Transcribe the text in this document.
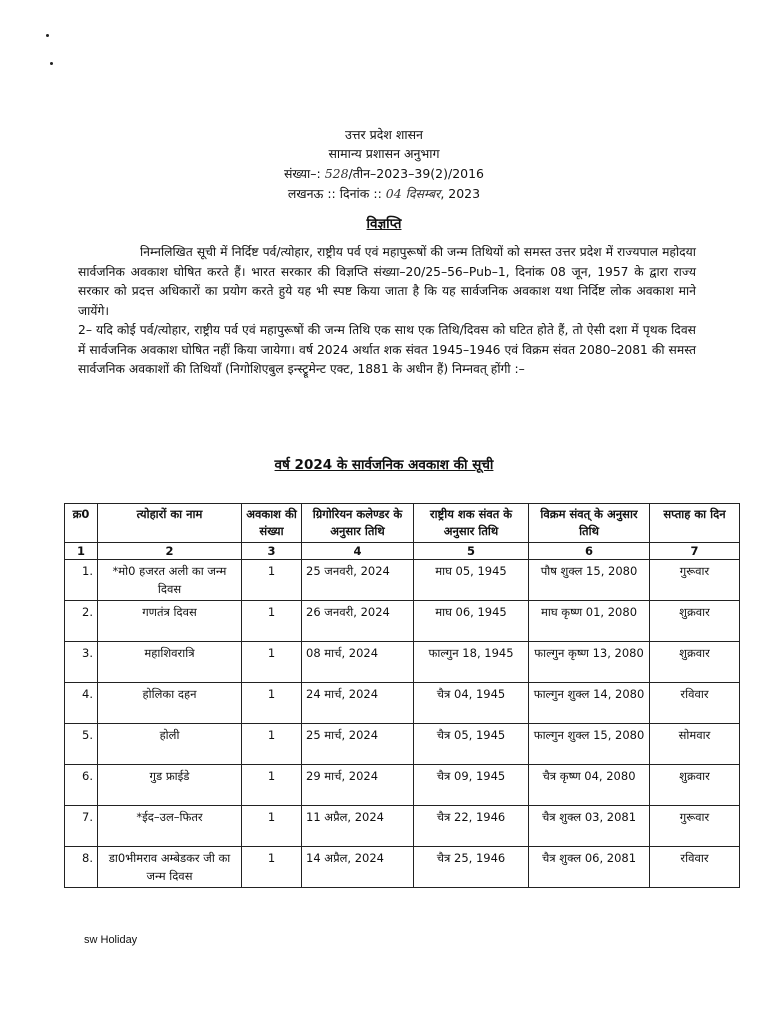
उत्तर प्रदेश शासन
सामान्य प्रशासन अनुभाग
संख्या–: 528/तीन–2023–39(2)/2016
लखनऊ :: दिनांक :: 04 दिसम्बर, 2023
विज्ञप्ति

निम्नलिखित सूची में निर्दिष्ट पर्व/त्योहार, राष्ट्रीय पर्व एवं महापुरूषों की जन्म तिथियों को समस्त उत्तर प्रदेश में राज्यपाल महोदया सार्वजनिक अवकाश घोषित करते हैं। भारत सरकार की विज्ञप्ति संख्या–20/25–56–Pub–1, दिनांक 08 जून, 1957 के द्वारा राज्य सरकार को प्रदत्त अधिकारों का प्रयोग करते हुये यह भी स्पष्ट किया जाता है कि यह सार्वजनिक अवकाश यथा निर्दिष्ट लोक अवकाश माने जायेंगे।

2– यदि कोई पर्व/त्योहार, राष्ट्रीय पर्व एवं महापुरूषों की जन्म तिथि एक साथ एक तिथि/दिवस को घटित होते हैं, तो ऐसी दशा में पृथक दिवस में सार्वजनिक अवकाश घोषित नहीं किया जायेगा। वर्ष 2024 अर्थात शक संवत 1945–1946 एवं विक्रम संवत 2080–2081 की समस्त सार्वजनिक अवकाशों की तिथियाँ (निगोशिएबुल इन्स्ट्रूमेन्ट एक्ट, 1881 के अधीन हैं) निम्नवत् होंगी :–

वर्ष 2024 के सार्वजनिक अवकाश की सूची
क्र0	त्योहारों का नाम	अवकाश की संख्या	ग्रिगोरियन कलेण्डर के अनुसार तिथि	राष्ट्रीय शक संवत के अनुसार तिथि	विक्रम संवत् के अनुसार तिथि	सप्ताह का दिन
1	2	3	4	5	6	7
1.	*मो0 हजरत अली का जन्म दिवस	1	25 जनवरी, 2024	माघ 05, 1945	पौष शुक्ल 15, 2080	गुरूवार
2.	गणतंत्र दिवस	1	26 जनवरी, 2024	माघ 06, 1945	माघ कृष्ण 01, 2080	शुक्रवार
3.	महाशिवरात्रि	1	08 मार्च, 2024	फाल्गुन 18, 1945	फाल्गुन कृष्ण 13, 2080	शुक्रवार
4.	होलिका दहन	1	24 मार्च, 2024	चैत्र 04, 1945	फाल्गुन शुक्ल 14, 2080	रविवार
5.	होली	1	25 मार्च, 2024	चैत्र 05, 1945	फाल्गुन शुक्ल 15, 2080	सोमवार
6.	गुड फ्राईडे	1	29 मार्च, 2024	चैत्र 09, 1945	चैत्र कृष्ण 04, 2080	शुक्रवार
7.	*ईद–उल–फितर	1	11 अप्रैल, 2024	चैत्र 22, 1946	चैत्र शुक्ल 03, 2081	गुरूवार
8.	डा0भीमराव अम्बेडकर जी का जन्म दिवस	1	14 अप्रैल, 2024	चैत्र 25, 1946	चैत्र शुक्ल 06, 2081	रविवार
sw Holiday
